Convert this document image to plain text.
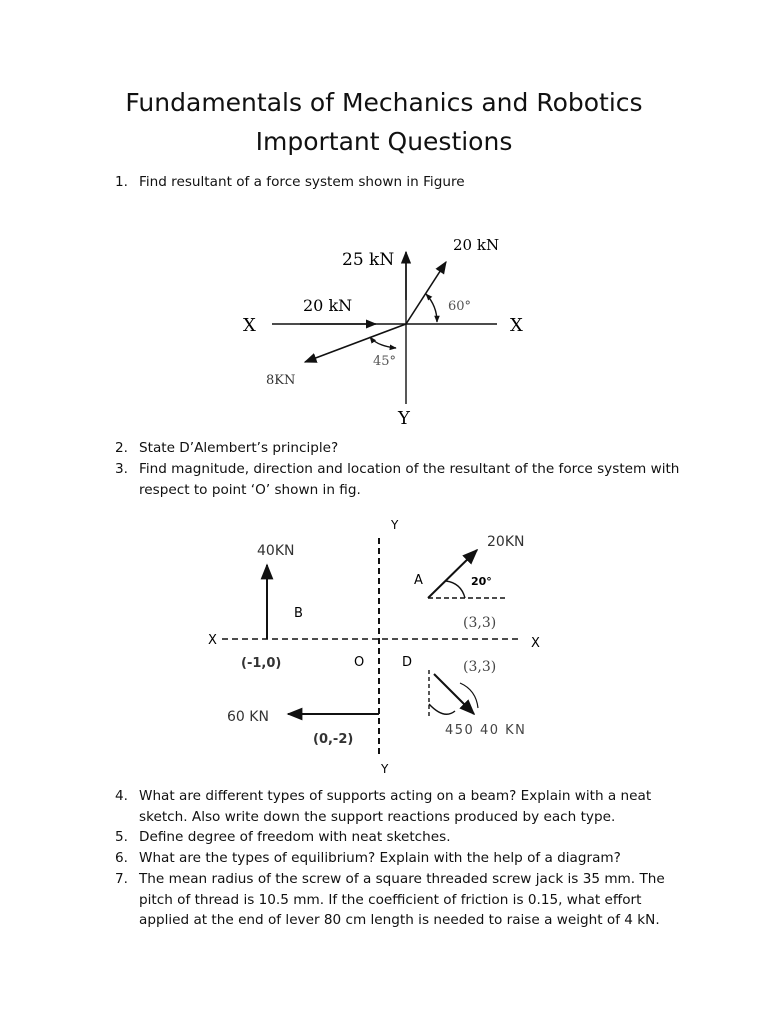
Fundamentals of Mechanics and Robotics
Important Questions
1. Find resultant of a force system shown in Figure
25 kN
20 kN
20 kN
8KN
X	X
Y
60°
45°
2. State D’Alembert’s principle?
3. Find magnitude, direction and location of the resultant of the force system with respect to point ‘O’ shown in fig.
Y
Y
X	X
40KN
20KN
60 KN
450 40 KN
A
B
O	D
20°
(3,3)
(3,3)
(-1,0)
(0,-2)
4. What are different types of supports acting on a beam? Explain with a neat sketch. Also write down the support reactions produced by each type.
5. Define degree of freedom with neat sketches.
6. What are the types of equilibrium? Explain with the help of a diagram?
7. The mean radius of the screw of a square threaded screw jack is 35 mm. The pitch of thread is 10.5 mm. If the coefficient of friction is 0.15, what effort applied at the end of lever 80 cm length is needed to raise a weight of 4 kN.
